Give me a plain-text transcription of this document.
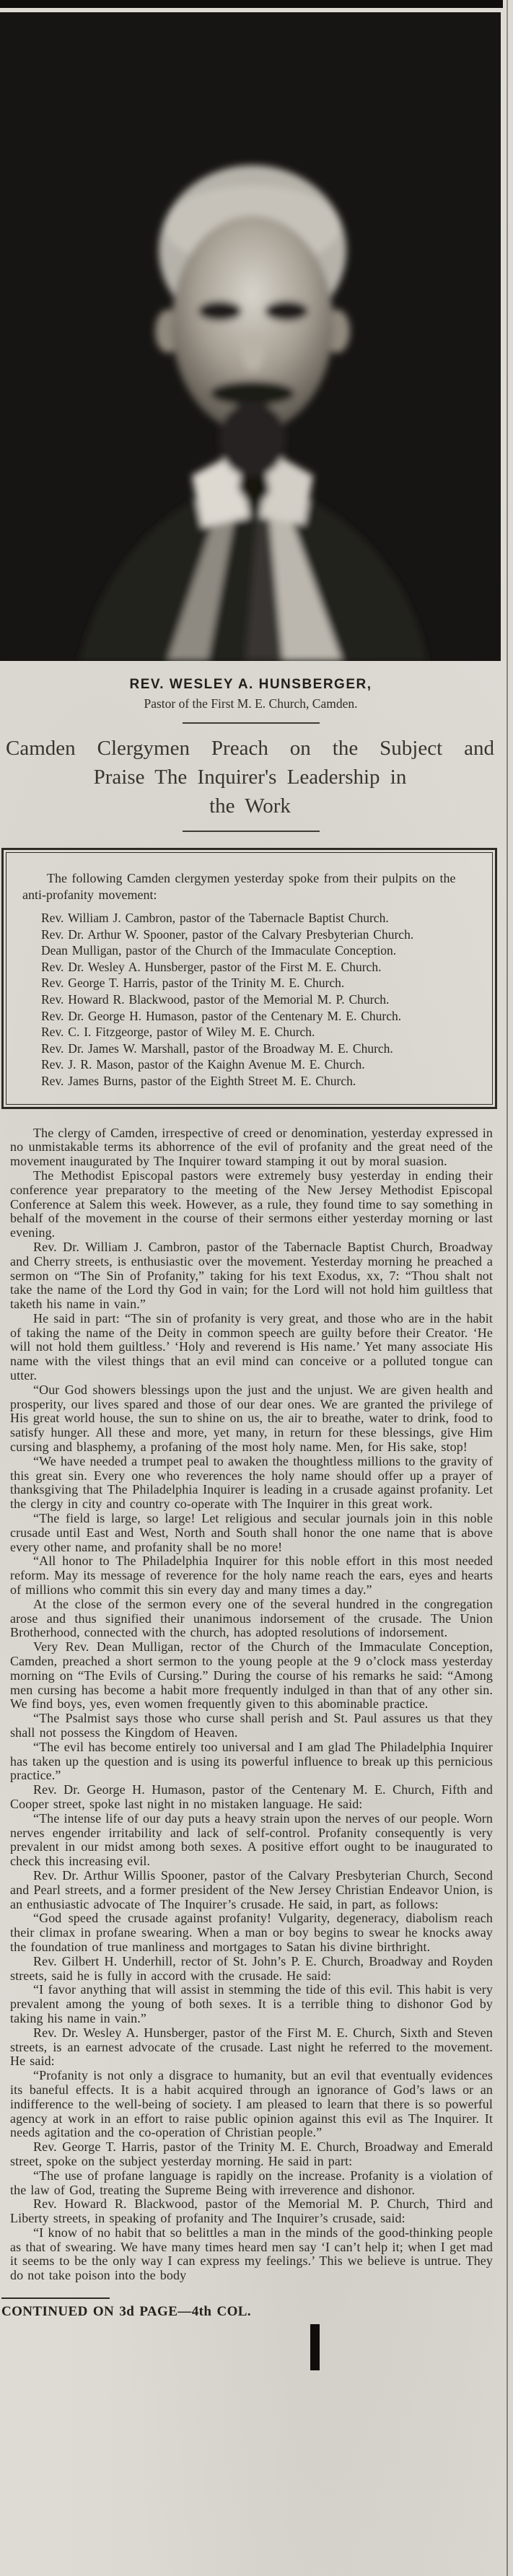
REV. WESLEY A. HUNSBERGER,
Pastor of the First M. E. Church, Camden.
Camden Clergymen Preach on the Subject and
Praise The Inquirer's Leadership in
the Work
The following Camden clergymen yesterday spoke from their pulpits on the anti-profanity movement:
Rev. William J. Cambron, pastor of the Tabernacle Baptist Church.
Rev. Dr. Arthur W. Spooner, pastor of the Calvary Presbyterian Church.
Dean Mulligan, pastor of the Church of the Immaculate Conception.
Rev. Dr. Wesley A. Hunsberger, pastor of the First M. E. Church.
Rev. George T. Harris, pastor of the Trinity M. E. Church.
Rev. Howard R. Blackwood, pastor of the Memorial M. P. Church.
Rev. Dr. George H. Humason, pastor of the Centenary M. E. Church.
Rev. C. I. Fitzgeorge, pastor of Wiley M. E. Church.
Rev. Dr. James W. Marshall, pastor of the Broadway M. E. Church.
Rev. J. R. Mason, pastor of the Kaighn Avenue M. E. Church.
Rev. James Burns, pastor of the Eighth Street M. E. Church.

The clergy of Camden, irrespective of creed or denomination, yesterday expressed in no unmistakable terms its abhorrence of the evil of profanity and the great need of the movement inaugurated by The Inquirer toward stamping it out by moral suasion.

The Methodist Episcopal pastors were extremely busy yesterday in ending their conference year preparatory to the meeting of the New Jersey Methodist Episcopal Conference at Salem this week. However, as a rule, they found time to say something in behalf of the movement in the course of their sermons either yesterday morning or last evening.

Rev. Dr. William J. Cambron, pastor of the Tabernacle Baptist Church, Broadway and Cherry streets, is enthusiastic over the movement. Yesterday morning he preached a sermon on “The Sin of Profanity,” taking for his text Exodus, xx, 7: “Thou shalt not take the name of the Lord thy God in vain; for the Lord will not hold him guiltless that taketh his name in vain.”

He said in part: “The sin of profanity is very great, and those who are in the habit of taking the name of the Deity in common speech are guilty before their Creator. ‘He will not hold them guiltless.’ ‘Holy and reverend is His name.’ Yet many associate His name with the vilest things that an evil mind can conceive or a polluted tongue can utter.

“Our God showers blessings upon the just and the unjust. We are given health and prosperity, our lives spared and those of our dear ones. We are granted the privilege of His great world house, the sun to shine on us, the air to breathe, water to drink, food to satisfy hunger. All these and more, yet many, in return for these blessings, give Him cursing and blasphemy, a profaning of the most holy name. Men, for His sake, stop!

“We have needed a trumpet peal to awaken the thoughtless millions to the gravity of this great sin. Every one who reverences the holy name should offer up a prayer of thanksgiving that The Philadelphia Inquirer is leading in a crusade against profanity. Let the clergy in city and country co-operate with The Inquirer in this great work.

“The field is large, so large! Let religious and secular journals join in this noble crusade until East and West, North and South shall honor the one name that is above every other name, and profanity shall be no more!

“All honor to The Philadelphia Inquirer for this noble effort in this most needed reform. May its message of reverence for the holy name reach the ears, eyes and hearts of millions who commit this sin every day and many times a day.”

At the close of the sermon every one of the several hundred in the congregation arose and thus signified their unanimous indorsement of the crusade. The Union Brotherhood, connected with the church, has adopted resolutions of indorsement.

Very Rev. Dean Mulligan, rector of the Church of the Immaculate Conception, Camden, preached a short sermon to the young people at the 9 o’clock mass yesterday morning on “The Evils of Cursing.” During the course of his remarks he said: “Among men cursing has become a habit more frequently indulged in than that of any other sin. We find boys, yes, even women frequently given to this abominable practice.

“The Psalmist says those who curse shall perish and St. Paul assures us that they shall not possess the Kingdom of Heaven.

“The evil has become entirely too universal and I am glad The Philadelphia Inquirer has taken up the question and is using its powerful influence to break up this pernicious practice.”

Rev. Dr. George H. Humason, pastor of the Centenary M. E. Church, Fifth and Cooper street, spoke last night in no mistaken language. He said:

“The intense life of our day puts a heavy strain upon the nerves of our people. Worn nerves engender irritability and lack of self-control. Profanity consequently is very prevalent in our midst among both sexes. A positive effort ought to be inaugurated to check this increasing evil.

Rev. Dr. Arthur Willis Spooner, pastor of the Calvary Presbyterian Church, Second and Pearl streets, and a former president of the New Jersey Christian Endeavor Union, is an enthusiastic advocate of The Inquirer’s crusade. He said, in part, as follows:

“God speed the crusade against profanity! Vulgarity, degeneracy, diabolism reach their climax in profane swearing. When a man or boy begins to swear he knocks away the foundation of true manliness and mortgages to Satan his divine birthright.

Rev. Gilbert H. Underhill, rector of St. John’s P. E. Church, Broadway and Royden streets, said he is fully in accord with the crusade. He said:

“I favor anything that will assist in stemming the tide of this evil. This habit is very prevalent among the young of both sexes. It is a terrible thing to dishonor God by taking his name in vain.”

Rev. Dr. Wesley A. Hunsberger, pastor of the First M. E. Church, Sixth and Steven streets, is an earnest advocate of the crusade. Last night he referred to the movement. He said:

“Profanity is not only a disgrace to humanity, but an evil that eventually evidences its baneful effects. It is a habit acquired through an ignorance of God’s laws or an indifference to the well-being of society. I am pleased to learn that there is so powerful agency at work in an effort to raise public opinion against this evil as The Inquirer. It needs agitation and the co-operation of Christian people.”

Rev. George T. Harris, pastor of the Trinity M. E. Church, Broadway and Emerald street, spoke on the subject yesterday morning. He said in part:

“The use of profane language is rapidly on the increase. Profanity is a violation of the law of God, treating the Supreme Being with irreverence and dishonor.

Rev. Howard R. Blackwood, pastor of the Memorial M. P. Church, Third and Liberty streets, in speaking of profanity and The Inquirer’s crusade, said:

“I know of no habit that so belittles a man in the minds of the good-thinking people as that of swearing. We have many times heard men say ‘I can’t help it; when I get mad it seems to be the only way I can express my feelings.’ This we believe is untrue. They do not take poison into the body

CONTINUED ON 3d PAGE—4th COL.
